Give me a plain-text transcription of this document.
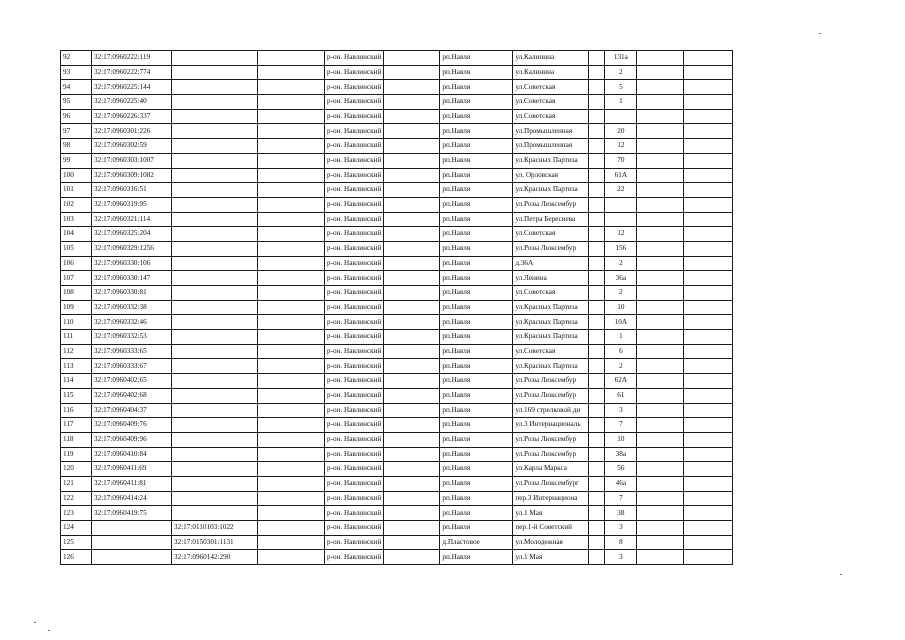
92	32:17:0960222:119			р-он. Навлинский		рп.Навля	ул.Калинина		131а		
93	32:17:0960222:774			р-он. Навлинский		рп.Навля	ул.Калинина		2		
94	32:17:0960225:144			р-он. Навлинский		рп.Навля	ул.Советская		5		
95	32:17:0960225:40			р-он. Навлинский		рп.Навля	ул.Советская		1		
96	32:17:0960226:337			р-он. Навлинский		рп.Навля	ул.Советская				
97	32:17:0960301:226			р-он. Навлинский		рп.Навля	ул.Промышленная		20		
98	32:17:0960302:59			р-он. Навлинский		рп.Навля	ул.Промышленная		12		
99	32:17:0960303:1007			р-он. Навлинский		рп.Навля	ул.Красных Партиза		70		
100	32:17:0960309:1082			р-он. Навлинский		рп.Навля	ул. Орловская		61А		
101	32:17:0960316:51			р-он. Навлинский		рп.Навля	ул.Красных Партиза		22		
102	32:17:0960319:95			р-он. Навлинский		рп.Навля	ул.Розы Люксембур				
103	32:17:0960321:114			р-он. Навлинский		рп.Навля	ул.Петра Бересиева				
104	32:17:0960325:204			р-он. Навлинский		рп.Навля	ул.Советская		12		
105	32:17:0960329:1256			р-он. Навлинский		рп.Навля	ул.Розы Люксембур		156		
106	32:17:0960330:106			р-он. Навлинский		рп.Навля	д.36А		2		
107	32:17:0960330:147			р-он. Навлинский		рп.Навля	ул.Ленина		36а		
108	32:17:0960330:81			р-он. Навлинский		рп.Навля	ул.Советская		2		
109	32:17:0960332:38			р-он. Навлинский		рп.Навля	ул.Красных Партиза		10		
110	32:17:0960332:46			р-он. Навлинский		рп.Навля	ул.Красных Партиза		10А		
111	32:17:0960332:53			р-он. Навлинский		рп.Навля	ул.Красных Партиза		1		
112	32:17:0960333:65			р-он. Навлинский		рп.Навля	ул.Советская		6		
113	32:17:0960333:67			р-он. Навлинский		рп.Навля	ул.Красных Партиза		2		
114	32:17:0960402:65			р-он. Навлинский		рп.Навля	ул.Розы Люксембур		62А		
115	32:17:0960402:68			р-он. Навлинский		рп.Навля	ул.Розы Люксембур		61		
116	32:17:0960404:37			р-он. Навлинский		рп.Навля	ул.169 стрелковой ди		3		
117	32:17:0960409:76			р-он. Навлинский		рп.Навля	ул.3 Интернациональ		7		
118	32:17:0960409:96			р-он. Навлинский		рп.Навля	ул.Розы Люксембур		10		
119	32:17:0960410:84			р-он. Навлинский		рп.Навля	ул.Розы Люксембур		38а		
120	32:17:0960411:69			р-он. Навлинский		рп.Навля	ул.Карла Маркса		56		
121	32:17:0960411:81			р-он. Навлинский		рп.Навля	ул.Розы Люксембург		46а		
122	32:17:0960414:24			р-он. Навлинский		рп.Навля	пер.3 Интернациона		7		
123	32:17:0960419:75			р-он. Навлинский		рп.Навля	ул.1 Мая		38		
124		32:17:0110103:1022		р-он. Навлинский		рп.Навля	пер.1-й Советский		3		
125		32:17:0150301:1131		р-он. Навлинский		д.Пластовое	ул.Молодежная		8		
126		32:17:0960142:290		р-он. Навлинский		рп.Навля	ул.1 Мая		3		
